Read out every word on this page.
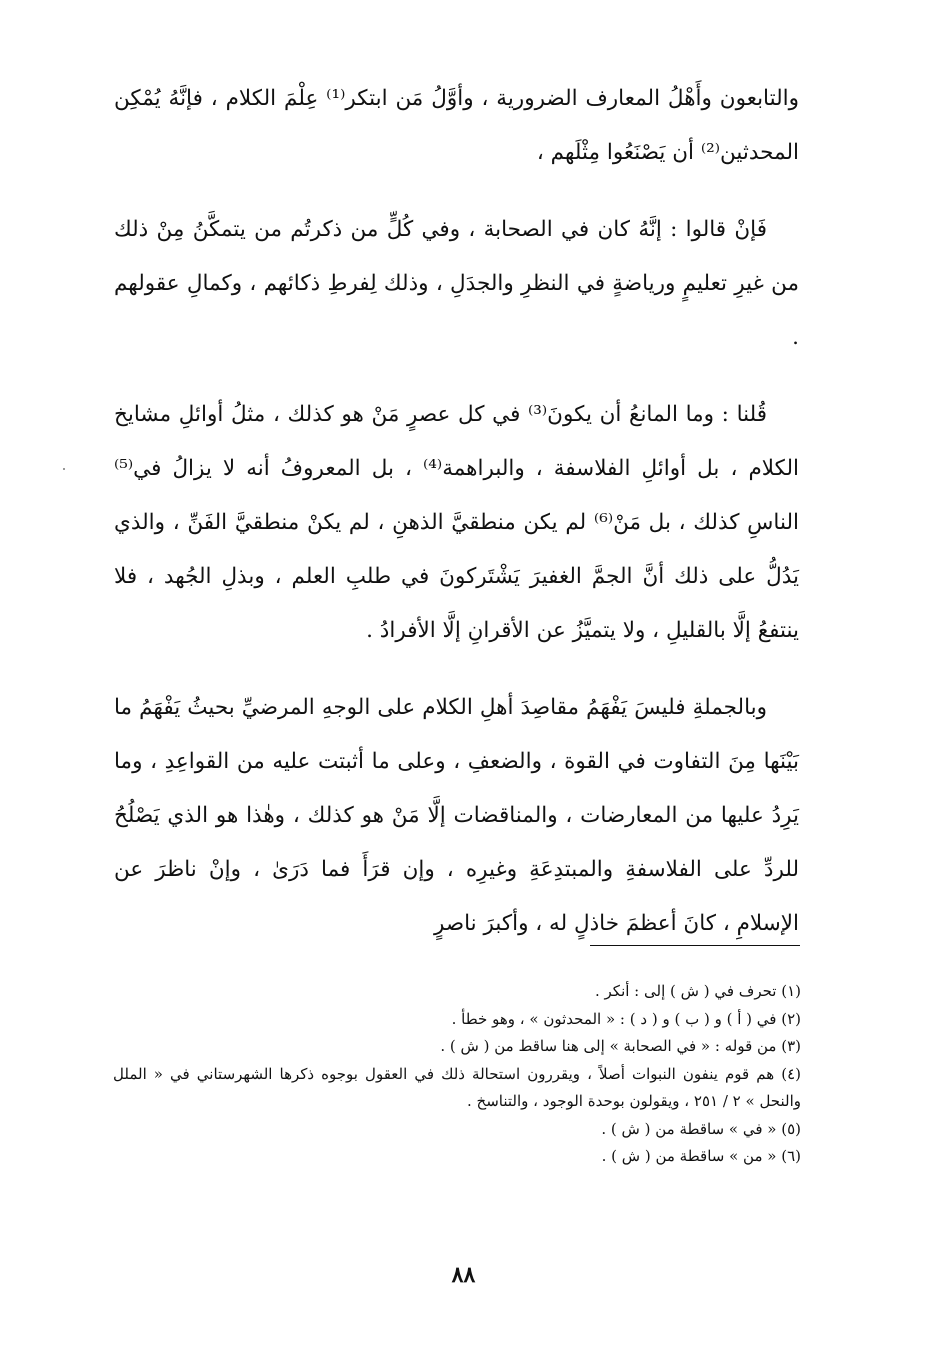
والتابعون وأَهْلُ المعارف الضرورية ، وأوَّلُ مَن ابتكر⁽¹⁾ عِلْمَ الكلام ، فإنَّهُ يُمْكِن المحدثين⁽²⁾ أن يَصْنَعُوا مِثْلَهم ،

فَإنْ قالوا : إنَّهُ كان في الصحابة ، وفي كُلٍّ من ذكرتُم من يتمكَّنُ مِنْ ذلك من غيرِ تعليمٍ ورياضةٍ في النظرِ والجدَلِ ، وذلك لِفرطِ ذكائهم ، وكمالِ عقولهم .

قُلنا : وما المانعُ أن يكونَ⁽³⁾ في كل عصرٍ مَنْ هو كذلك ، مثلُ أوائلِ مشايخ الكلام ، بل أوائلِ الفلاسفة ، والبراهمة⁽⁴⁾ ، بل المعروفُ أنه لا يزالُ في⁽⁵⁾ الناسِ كذلك ، بل مَنْ⁽⁶⁾ لم يكن منطقيَّ الذهنِ ، لم يكنْ منطقيَّ الفَنِّ ، والذي يَدُلُّ على ذلك أنَّ الجمَّ الغفيرَ يَشْتَركونَ في طلبِ العلم ، وبذلِ الجُهد ، فلا ينتفعُ إلَّا بالقليلِ ، ولا يتميَّزُ عن الأقرانِ إلَّا الأفرادُ .

وبالجملةِ فليسَ يَفْهَمُ مقاصِدَ أهلِ الكلام على الوجهِ المرضيِّ بحيثُ يَفْهَمُ ما بَيْنَها مِنَ التفاوت في القوة ، والضعفِ ، وعلى ما أثبتت عليه من القواعِدِ ، وما يَرِدُ عليها من المعارضات ، والمناقضات إلَّا مَنْ هو كذلك ، وهٰذا هو الذي يَصْلُحُ للردِّ على الفلاسفةِ والمبتدِعَةِ وغيرِه ، وإن قرَأَ فما دَرَىٰ ، وإنْ ناظرَ عن الإسلامِ ، كانَ أعظمَ خاذلٍ له ، وأكبرَ ناصرٍ

(١) تحرف في ( ش ) إلى : أنكر .

(٢) في ( أ ) و ( ب ) و ( د ) : « المحدثون » ، وهو خطأ .

(٣) من قوله : « في الصحابة » إلى هنا ساقط من ( ش ) .

(٤) هم قوم ينفون النبوات أصلاً ، ويقررون استحالة ذلك في العقول بوجوه ذكرها الشهرستاني في « الملل والنحل » ٢ / ٢٥١ ، ويقولون بوحدة الوجود ، والتناسخ .

(٥) « في » ساقطة من ( ش ) .

(٦) « من » ساقطة من ( ش ) .

٨٨
